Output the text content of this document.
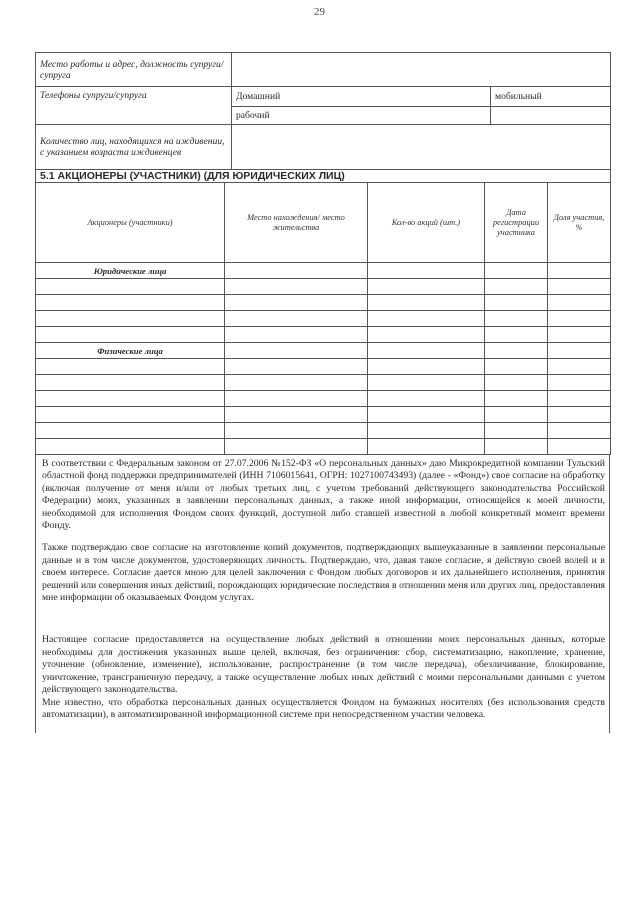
29
Место работы и адрес, должность супруги/супруга		
Телефоны супруги/супруга	Домашний	мобильный
	рабочий	
Количество лиц, находящихся на иждивении, с указанием возраста иждивенцев		
5.1 АКЦИОНЕРЫ (УЧАСТНИКИ) (ДЛЯ ЮРИДИЧЕСКИХ ЛИЦ)				
Акционеры (участники)	Место нахождения/ место жительства	Кол-во акций (шт.)	Дата регистрации участника	Доля участия, %
Юридические лица				

Физические лица				

В соответствии с Федеральным законом от 27.07.2006 №152-ФЗ «О персональных данных» даю Микрокредитной компании Тульский областной фонд поддержки предпринимателей (ИНН 7106015641, ОГРН: 1027100743493) (далее - «Фонд») свое согласие на обработку (включая получение от меня и/или от любых третьих лиц, с учетом требований действующего законодательства Российской Федерации) моих, указанных в заявлении персональных данных, а также иной информации, относящейся к моей личности, необходимой для исполнения Фондом своих функций, доступной либо ставшей известной в любой конкретный момент времени Фонду.

Также подтверждаю свое согласие на изготовление копий документов, подтверждающих вышеуказанные в заявлении персональные данные и в том числе документов, удостоверяющих личность. Подтверждаю, что, давая такое согласие, я действую своей волей и в своем интересе. Согласие дается мною для целей заключения с Фондом любых договоров и их дальнейшего исполнения, принятия решений или совершения иных действий, порождающих юридические последствия в отношении меня или других лиц, предоставления мне информации об оказываемых Фондом услугах.

Настоящее согласие предоставляется на осуществление любых действий в отношении моих персональных данных, которые необходимы для достижения указанных выше целей, включая, без ограничения: сбор, систематизацию, накопление, хранение, уточнение (обновление, изменение), использование, распространение (в том числе передача), обезличивание, блокирование, уничтожение, трансграничную передачу, а также осуществление любых иных действий с моими персональными данными с учетом действующего законодательства.

Мне известно, что обработка персональных данных осуществляется Фондом на бумажных носителях (без использования средств автоматизации), в автоматизированной информационной системе при непосредственном участии человека.
